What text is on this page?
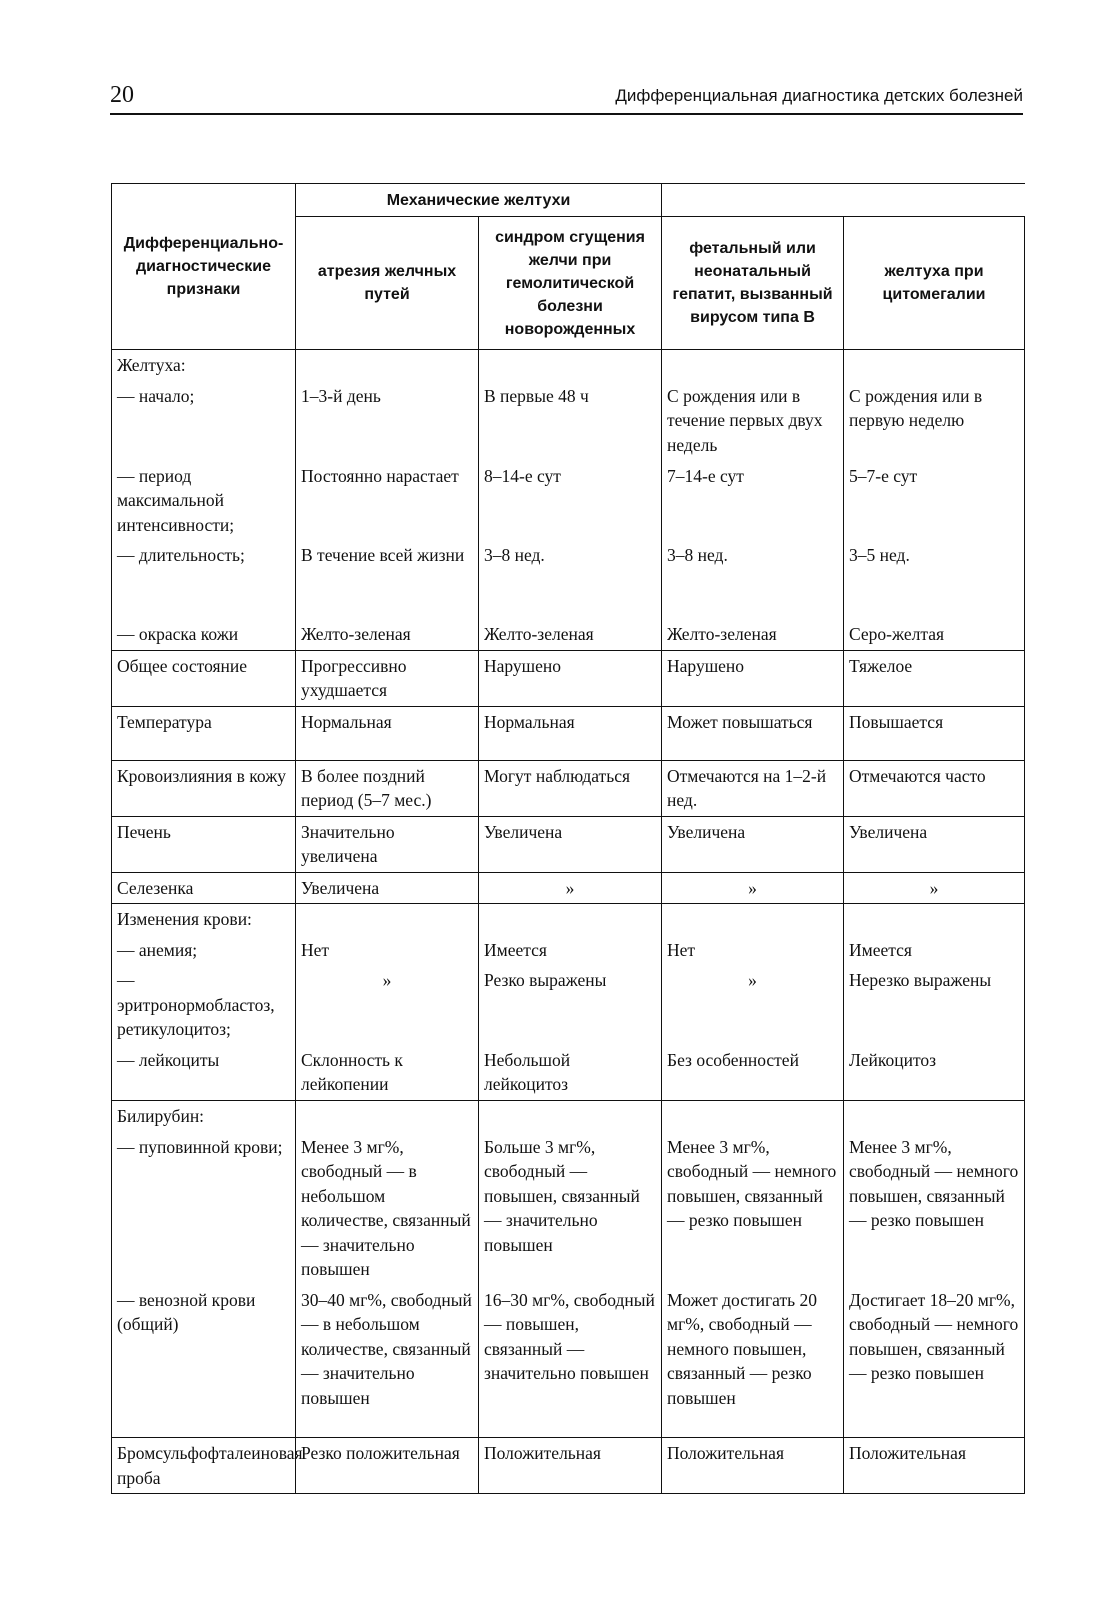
20	Дифференциальная диагностика детских болезней
Дифференциально-диагностические признаки	Механические желтухи			
	атрезия желчных путей	синдром сгущения желчи при гемолитической болезни новорожденных	фетальный или неонатальный гепатит, вызванный вирусом типа В	желтуха при цитомегалии
Желтуха:				
— начало;	1–3-й день	В первые 48 ч	С рождения или в течение первых двух недель	С рождения или в первую неделю
— период максимальной интенсивности;	Постоянно нарастает	8–14-е сут	7–14-е сут	5–7-е сут
— длительность;	В течение всей жизни	3–8 нед.	3–8 нед.	3–5 нед.
— окраска кожи	Желто-зеленая	Желто-зеленая	Желто-зеленая	Серо-желтая
Общее состояние	Прогрессивно ухудшается	Нарушено	Нарушено	Тяжелое
Температура	Нормальная	Нормальная	Может повышаться	Повышается
Кровоизлияния в кожу	В более поздний период (5–7 мес.)	Могут наблюдаться	Отмечаются на 1–2-й нед.	Отмечаются часто
Печень	Значительно увеличена	Увеличена	Увеличена	Увеличена
Селезенка	Увеличена	»	»	»
Изменения крови:				
— анемия;	Нет	Имеется	Нет	Имеется
— эритронормобластоз, ретикулоцитоз;	»	Резко выражены	»	Нерезко выражены
— лейкоциты	Склонность к лейкопении	Небольшой лейкоцитоз	Без особенностей	Лейкоцитоз
Билирубин:				
— пуповинной крови;	Менее 3 мг%, свободный — в небольшом количестве, связанный — значительно повышен	Больше 3 мг%, свободный — повышен, связанный — значительно повышен	Менее 3 мг%, свободный — немного повышен, связанный — резко повышен	Менее 3 мг%, свободный — немного повышен, связанный — резко повышен
— венозной крови (общий)	30–40 мг%, свободный — в небольшом количестве, связанный — значительно повышен	16–30 мг%, свободный — повышен, связанный — значительно повышен	Может достигать 20 мг%, свободный — немного повышен, связанный — резко повышен	Достигает 18–20 мг%, свободный — немного повышен, связанный — резко повышен
Бромсульфофталеиновая проба	Резко положительная	Положительная	Положительная	Положительная
